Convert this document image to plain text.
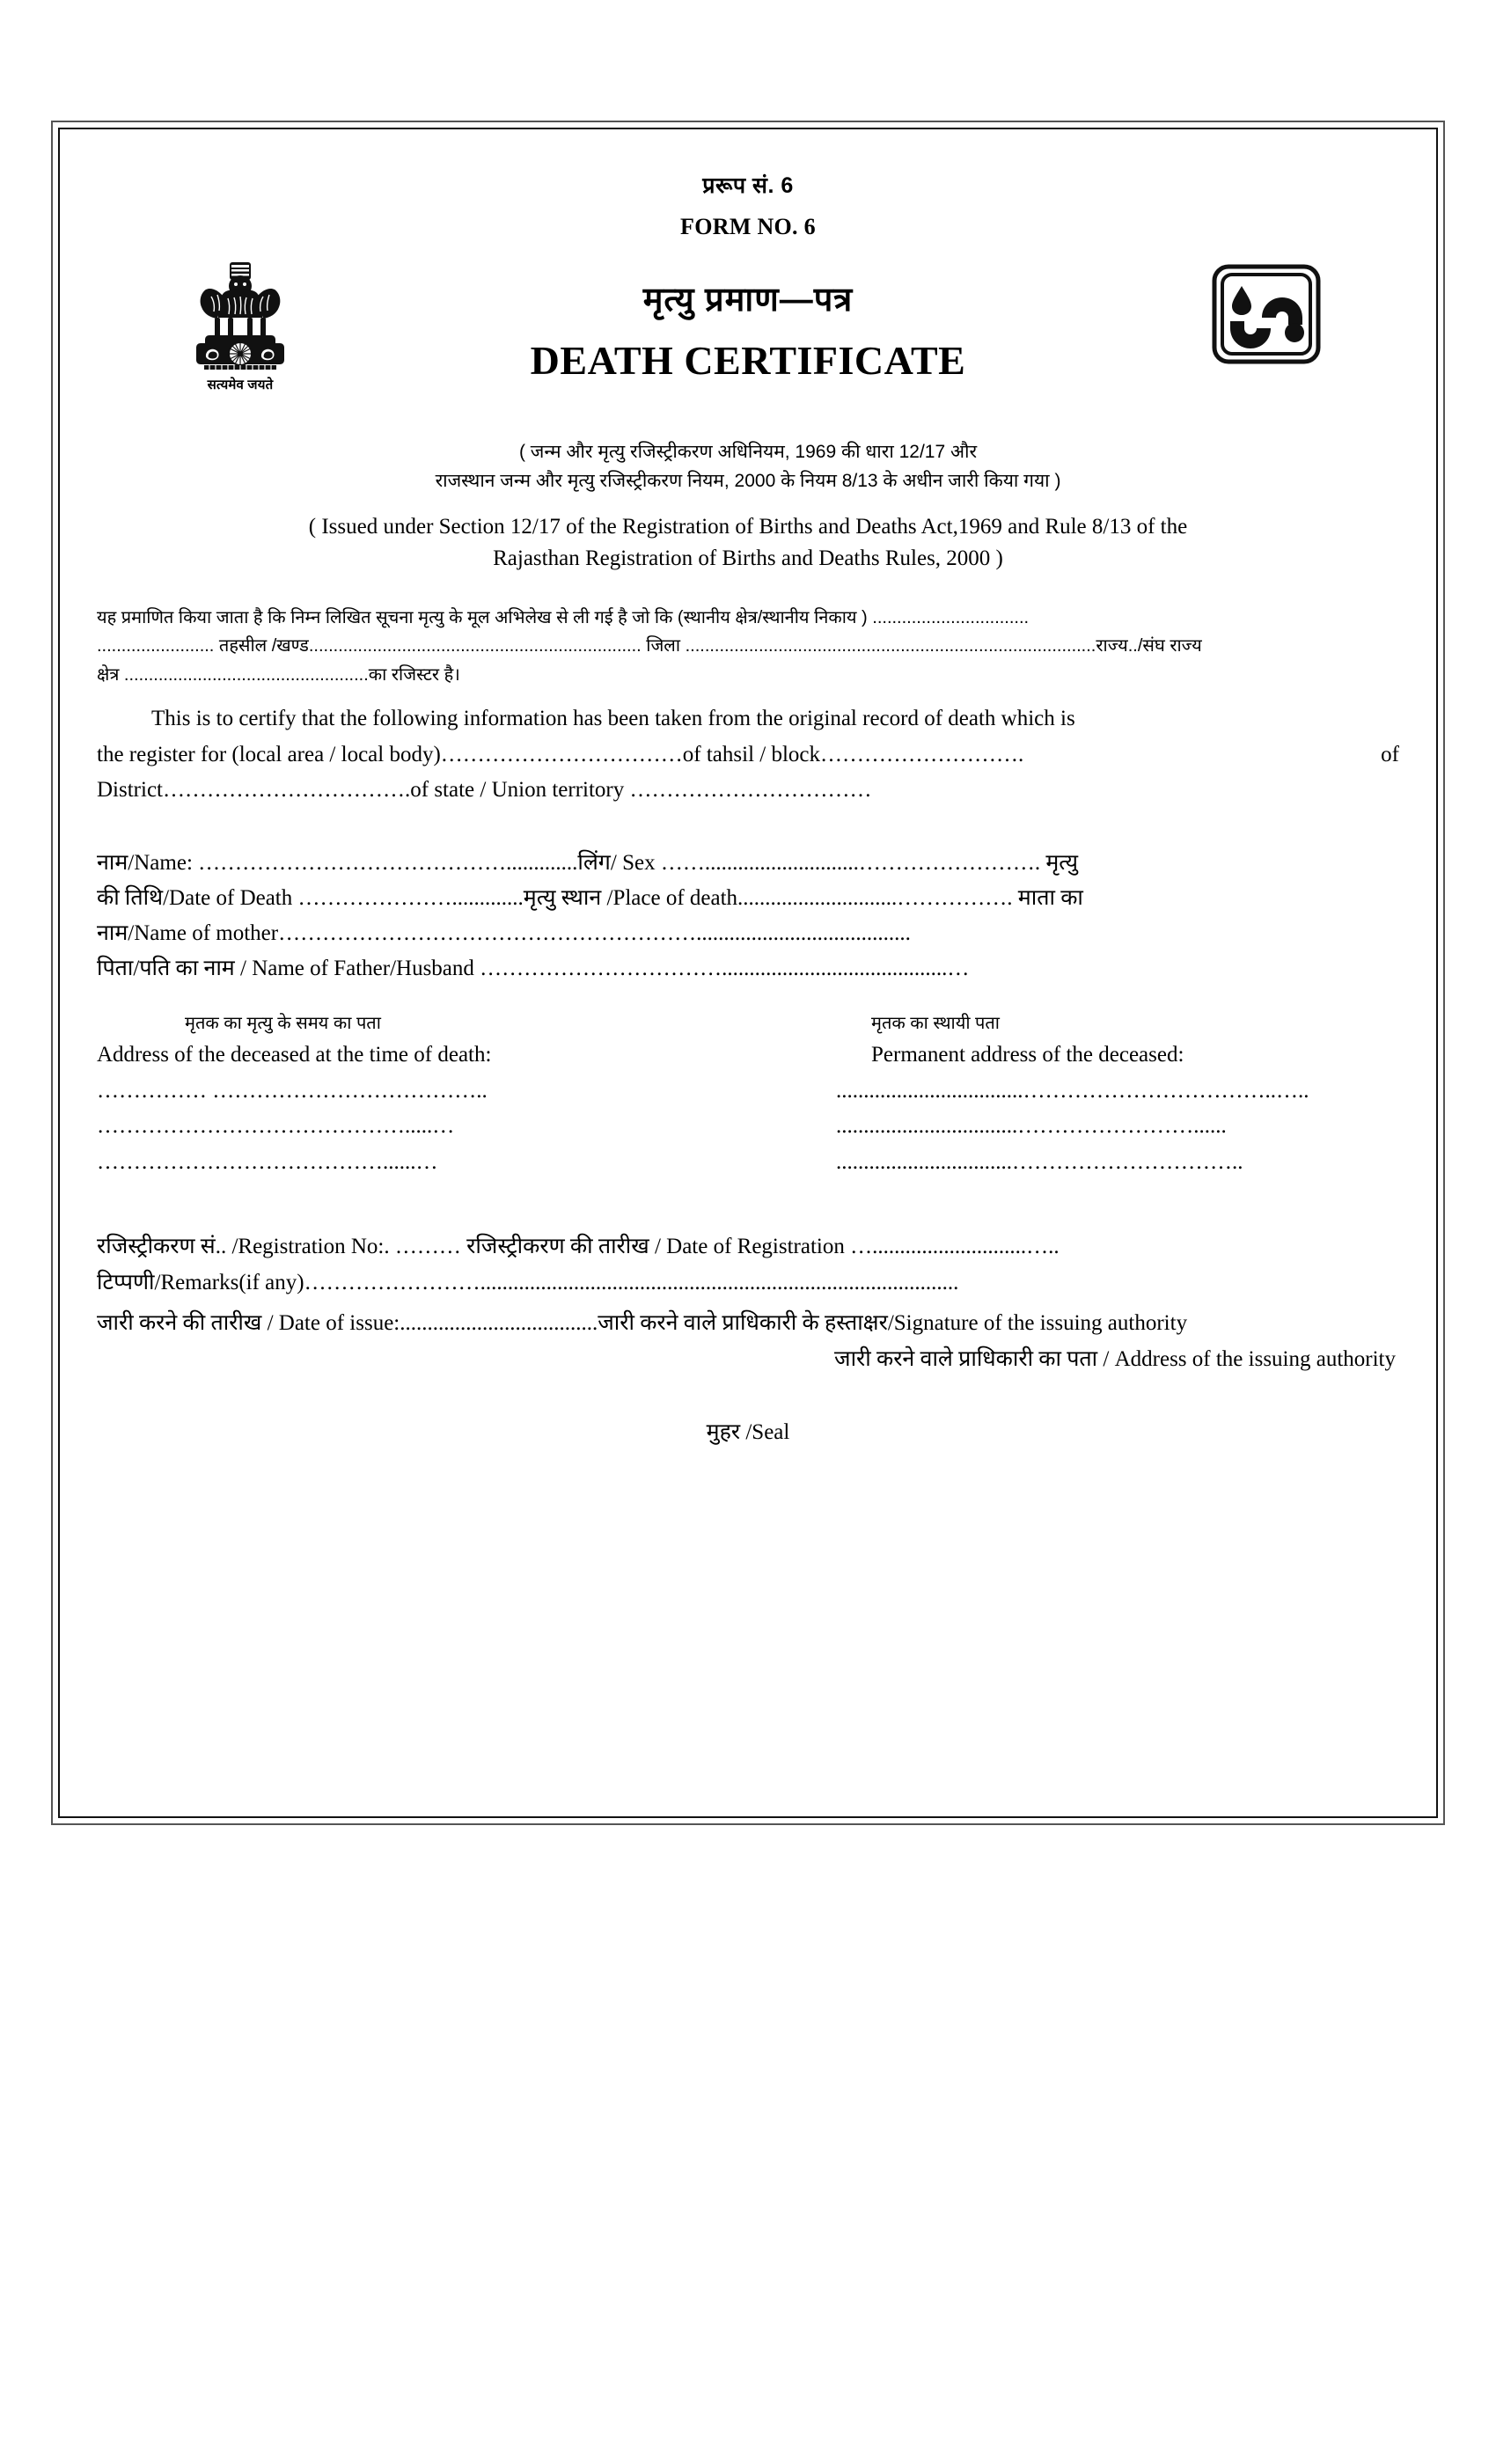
प्ररूप सं. 6
FORM NO. 6
सत्यमेव जयते
मृत्यु प्रमाण—पत्र
DEATH CERTIFICATE
( जन्म और मृत्यु रजिस्ट्रीकरण अधिनियम, 1969 की धारा 12/17 और
राजस्थान जन्म और मृत्यु रजिस्ट्रीकरण नियम, 2000 के नियम 8/13 के अधीन जारी किया गया )
( Issued under Section 12/17 of the Registration of Births and Deaths Act,1969 and Rule 8/13 of the
Rajasthan Registration of Births and Deaths Rules, 2000 )
यह प्रमाणित किया जाता है कि निम्न लिखित सूचना मृत्यु के मूल अभिलेख से ली गई है जो कि (स्थानीय क्षेत्र/स्थानीय निकाय ) ................................
........................ तहसील /खण्ड.................................................................... जिला ....................................................................................राज्य../संघ राज्य
क्षेत्र ..................................................का रजिस्टर है।
This is to certify that the following information has been taken from the original record of death which is
the register for (local area / local body)……………………………of tahsil / block……………………….	of
District…………………………….of state / Union territory ……………………………
नाम/Name: …………………………………….............लिंग/ Sex ……............................……………………. मृत्यु
की तिथि/Date of Death ………………….............मृत्यु स्थान /Place of death.............................……………. माता का
नाम/Name of mother………………………………………………….......................................
पिता/पति का नाम / Name of Father/Husband …………………………….........................................…
मृतक का मृत्यु के समय का पता	मृतक का स्थायी पता
Address of the deceased at the time of death:	Permanent address of the deceased:
…………… ………………………………..	..................................……………………………..…..
…………………………………….....…	.................................……………………......
…………………………………......…	................................…………………………..
रजिस्ट्रीकरण सं.. /Registration No:. ……… रजिस्ट्रीकरण की तारीख / Date of Registration …............................…..
टिप्पणी/Remarks(if any)…………………….......................................................................................
जारी करने की तारीख / Date of issue:....................................जारी करने वाले प्राधिकारी के हस्ताक्षर/Signature of the issuing authority
जारी करने वाले प्राधिकारी का पता / Address of the issuing authority
मुहर /Seal
